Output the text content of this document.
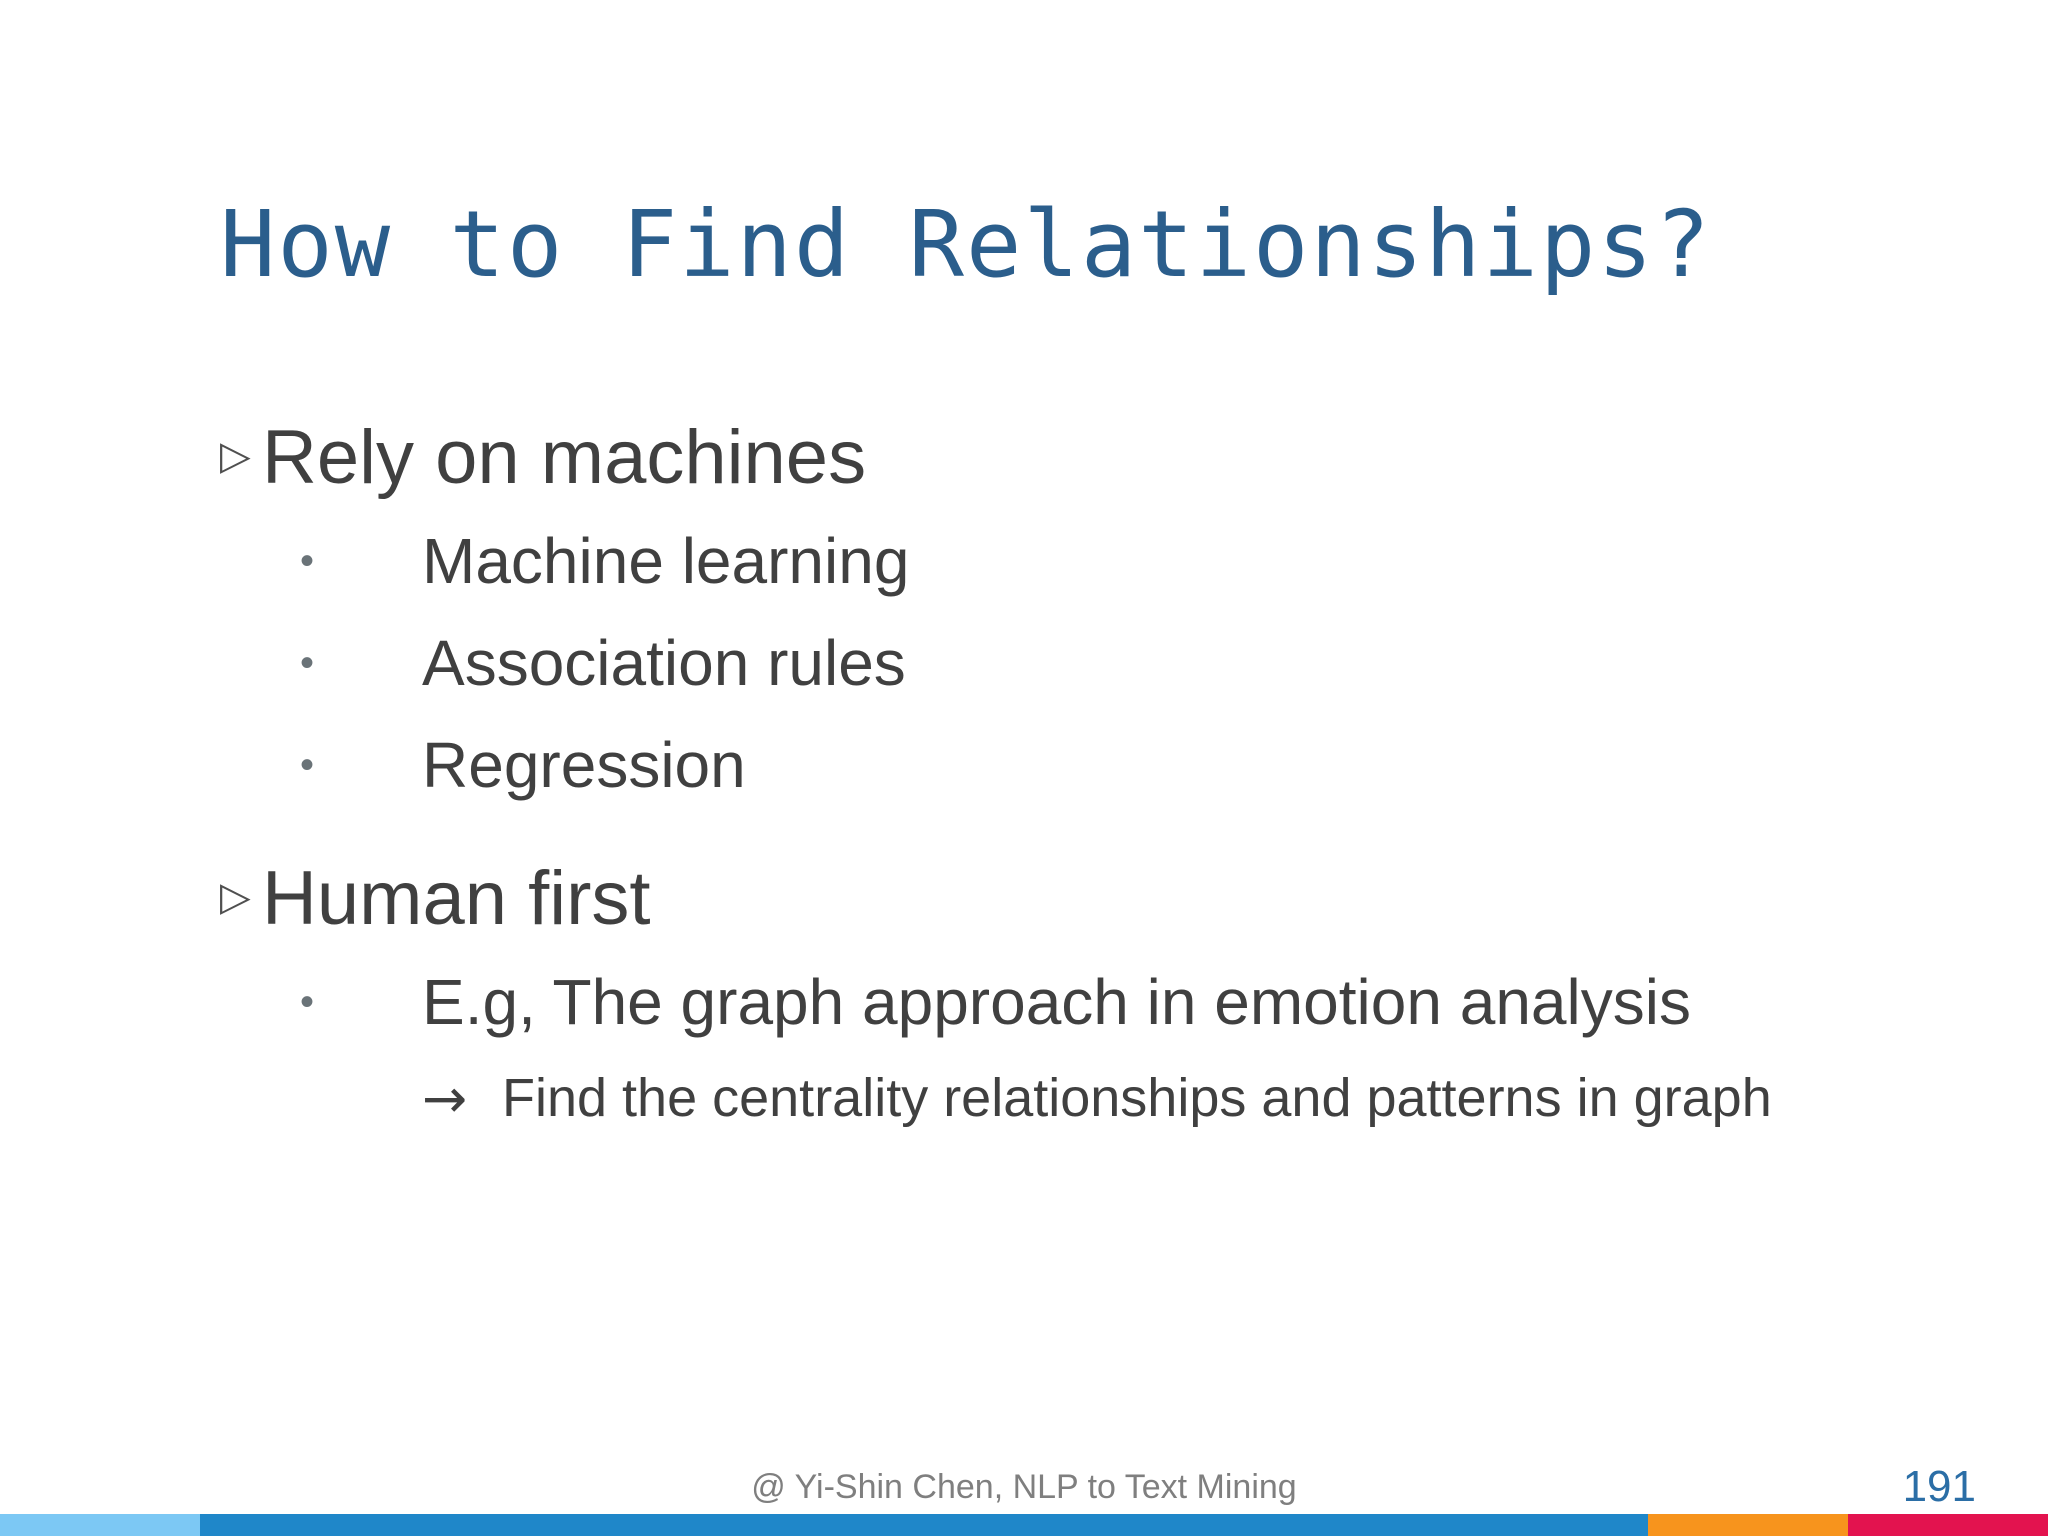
How to Find Relationships?
▷ Rely on machines
•	Machine learning
•	Association rules
•	Regression
▷ Human first
•	E.g, The graph approach in emotion analysis
→ Find the centrality relationships and patterns in graph
@ Yi-Shin Chen, NLP to Text Mining	191
